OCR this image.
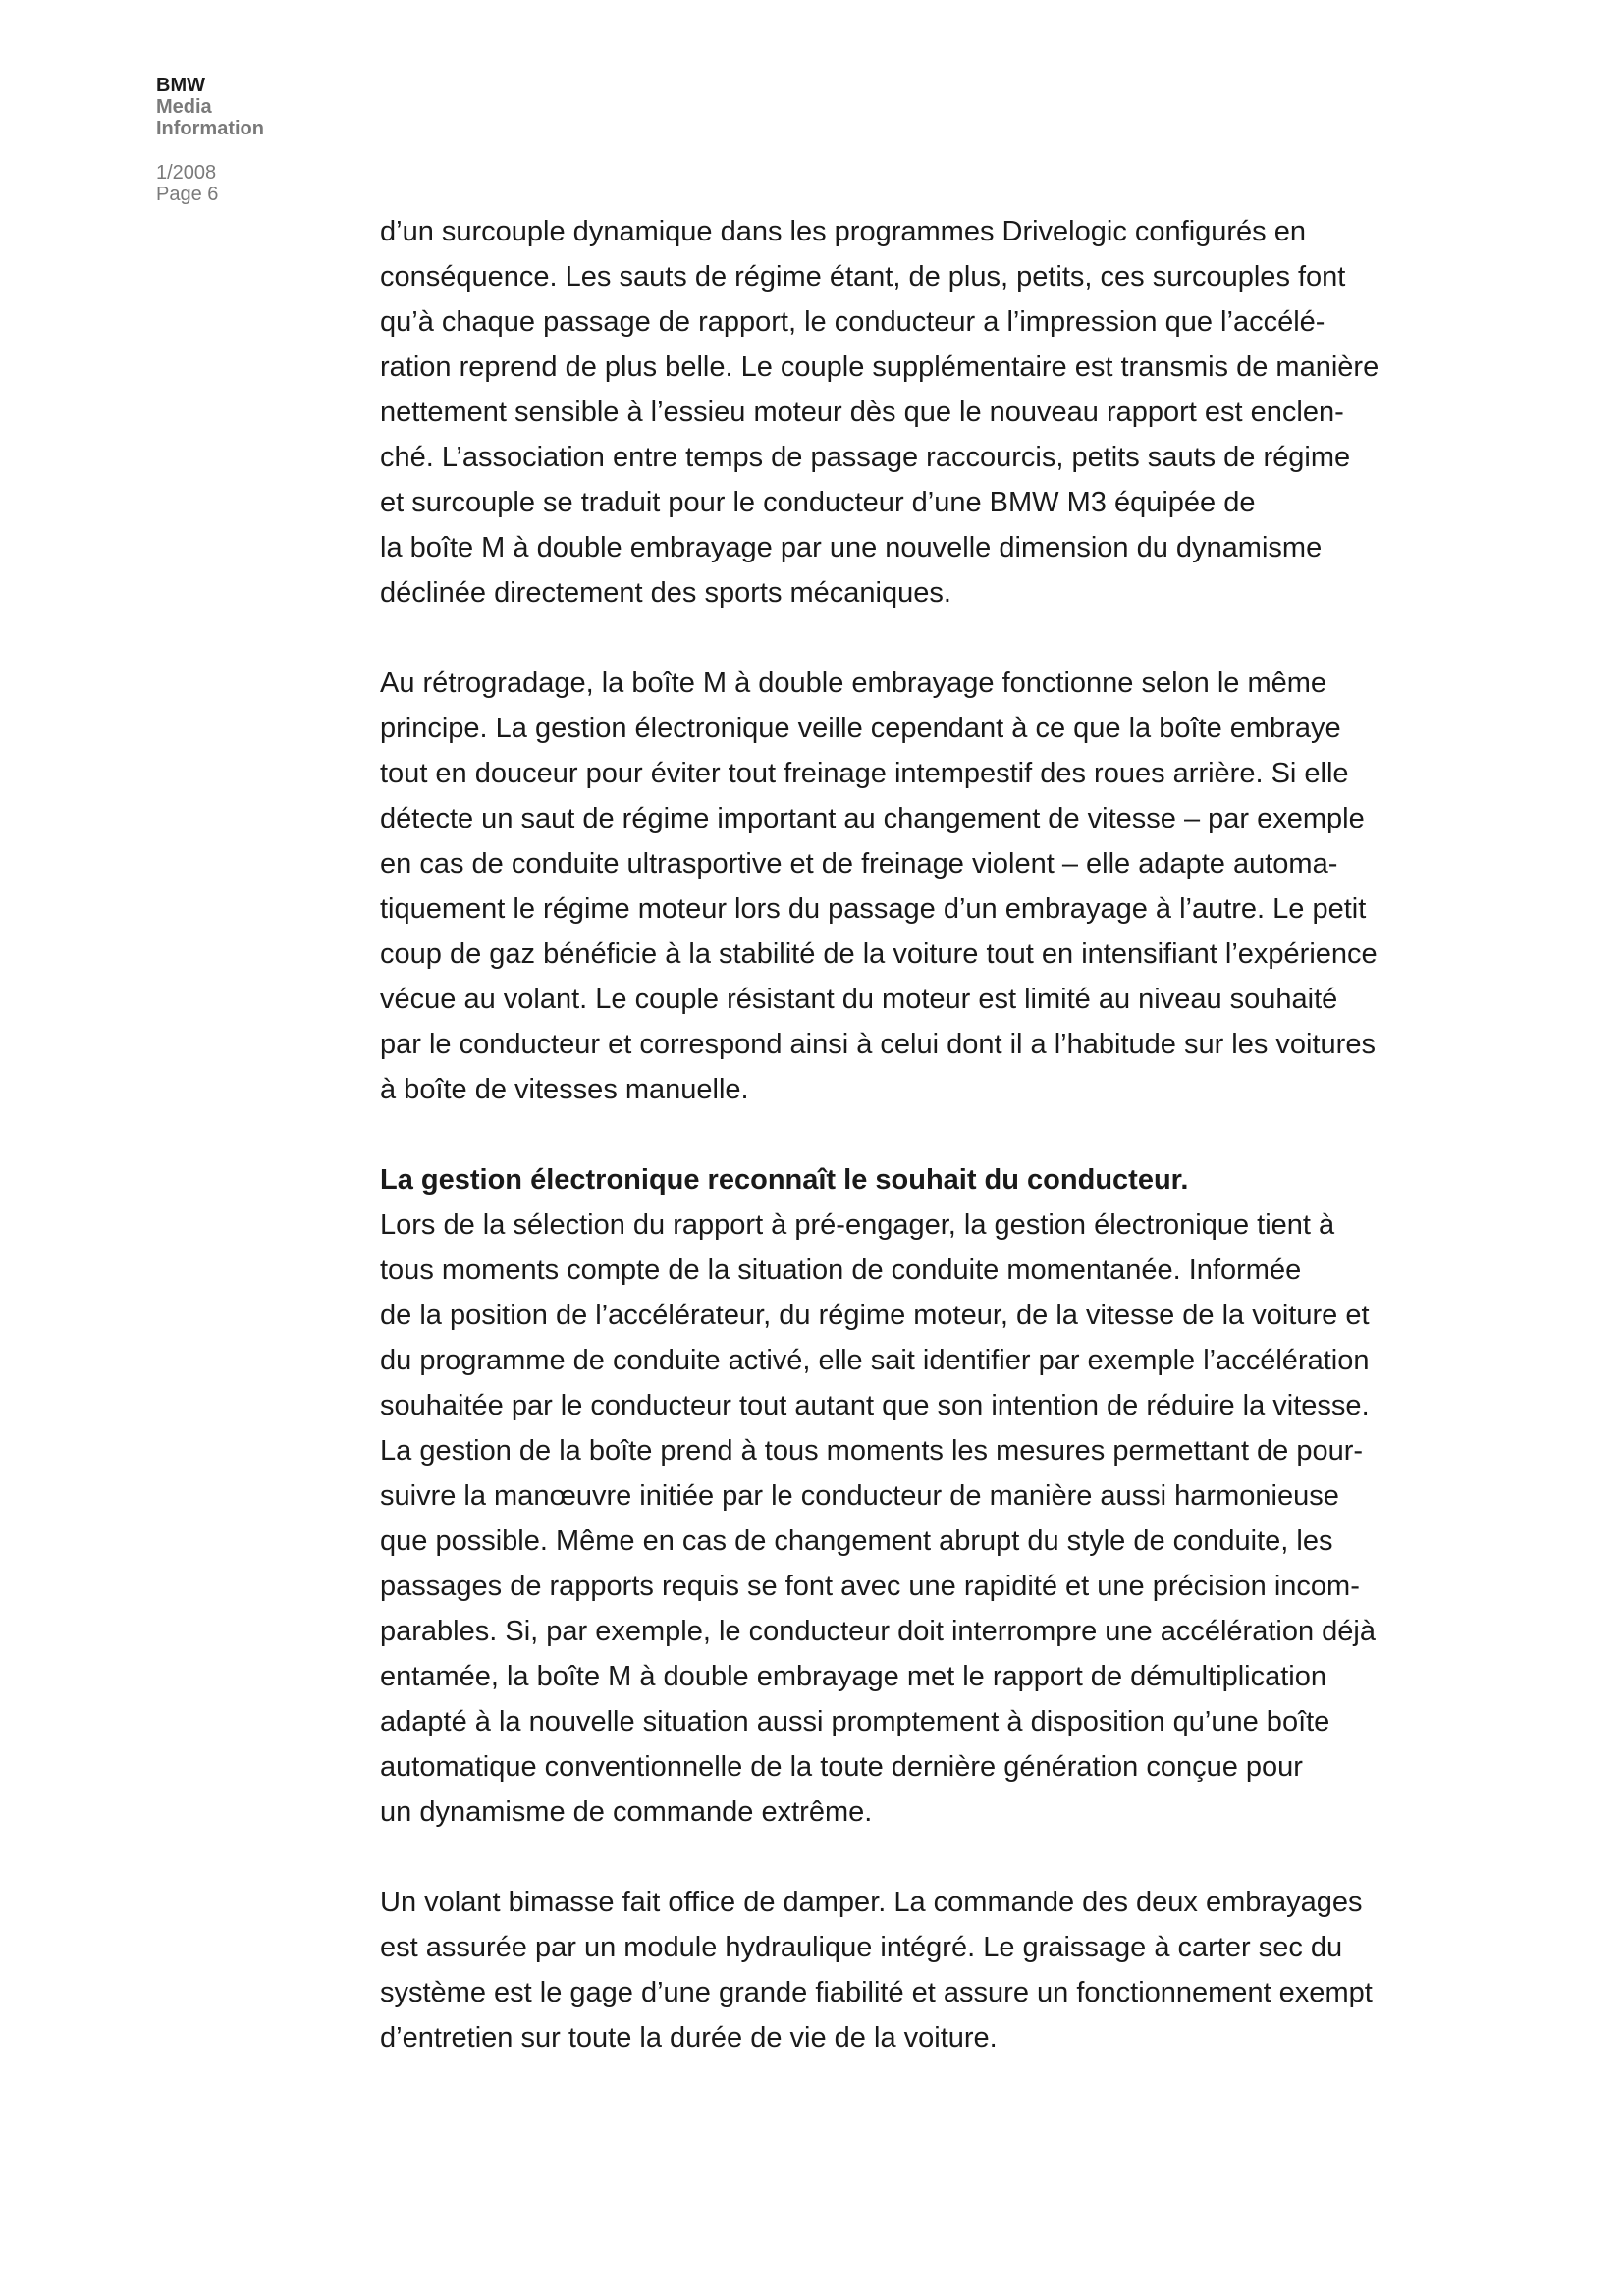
BMW
Media
Information
1/2008
Page 6

d’un surcouple dynamique dans les programmes Drivelogic configurés en
conséquence. Les sauts de régime étant, de plus, petits, ces surcouples font
qu’à chaque passage de rapport, le conducteur a l’impression que l’accélé-
ration reprend de plus belle. Le couple supplémentaire est transmis de manière
nettement sensible à l’essieu moteur dès que le nouveau rapport est enclen-
ché. L’association entre temps de passage raccourcis, petits sauts de régime
et surcouple se traduit pour le conducteur d’une BMW M3 équipée de
la boîte M à double embrayage par une nouvelle dimension du dynamisme
déclinée directement des sports mécaniques.

Au rétrogradage, la boîte M à double embrayage fonctionne selon le même
principe. La gestion électronique veille cependant à ce que la boîte embraye
tout en douceur pour éviter tout freinage intempestif des roues arrière. Si elle
détecte un saut de régime important au changement de vitesse – par exemple
en cas de conduite ultrasportive et de freinage violent – elle adapte automa-
tiquement le régime moteur lors du passage d’un embrayage à l’autre. Le petit
coup de gaz bénéficie à la stabilité de la voiture tout en intensifiant l’expérience
vécue au volant. Le couple résistant du moteur est limité au niveau souhaité
par le conducteur et correspond ainsi à celui dont il a l’habitude sur les voitures
à boîte de vitesses manuelle.

La gestion électronique reconnaît le souhait du conducteur.
Lors de la sélection du rapport à pré-engager, la gestion électronique tient à
tous moments compte de la situation de conduite momentanée. Informée
de la position de l’accélérateur, du régime moteur, de la vitesse de la voiture et
du programme de conduite activé, elle sait identifier par exemple l’accélération
souhaitée par le conducteur tout autant que son intention de réduire la vitesse.
La gestion de la boîte prend à tous moments les mesures permettant de pour-
suivre la manœuvre initiée par le conducteur de manière aussi harmonieuse
que possible. Même en cas de changement abrupt du style de conduite, les
passages de rapports requis se font avec une rapidité et une précision incom-
parables. Si, par exemple, le conducteur doit interrompre une accélération déjà
entamée, la boîte M à double embrayage met le rapport de démultiplication
adapté à la nouvelle situation aussi promptement à disposition qu’une boîte
automatique conventionnelle de la toute dernière génération conçue pour
un dynamisme de commande extrême.

Un volant bimasse fait office de damper. La commande des deux embrayages
est assurée par un module hydraulique intégré. Le graissage à carter sec du
système est le gage d’une grande fiabilité et assure un fonctionnement exempt
d’entretien sur toute la durée de vie de la voiture.
